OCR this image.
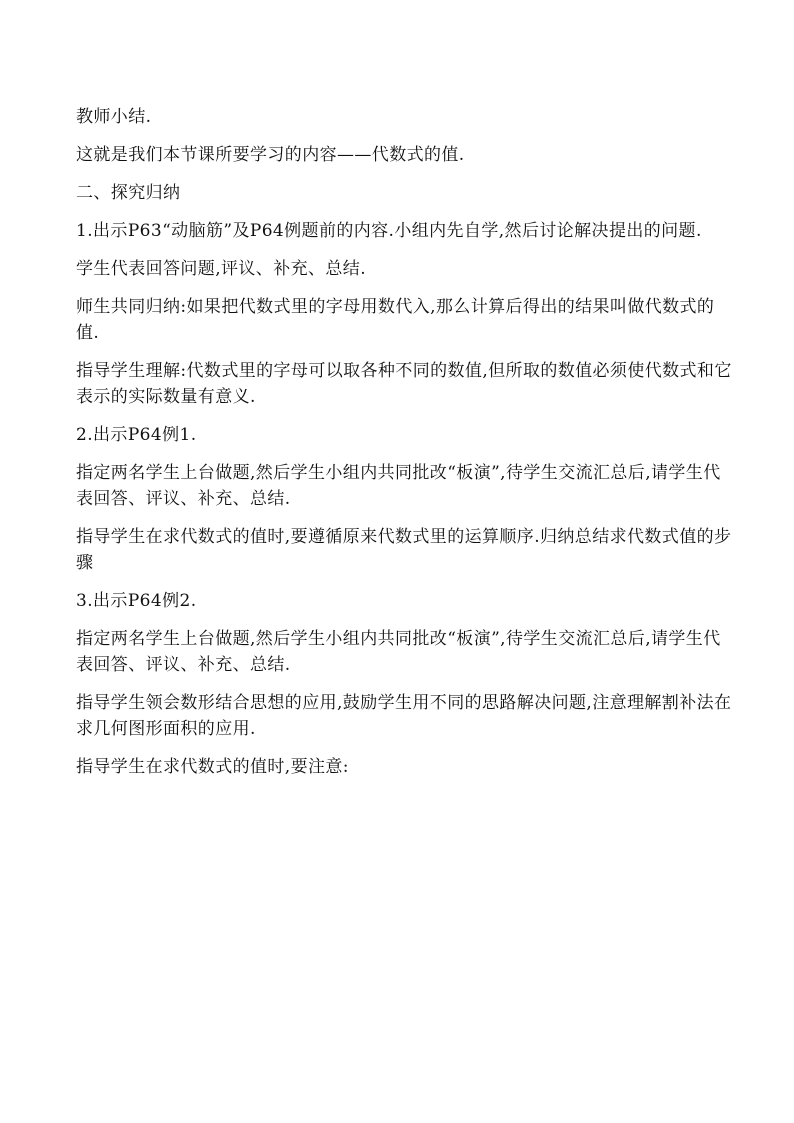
教师小结.

这就是我们本节课所要学习的内容——代数式的值.

二、探究归纳

1.出示P63“动脑筋”及P64例题前的内容.小组内先自学,然后讨论解决提出的问题.

学生代表回答问题,评议、补充、总结.

师生共同归纳:如果把代数式里的字母用数代入,那么计算后得出的结果叫做代数式的值.

指导学生理解:代数式里的字母可以取各种不同的数值,但所取的数值必须使代数式和它表示的实际数量有意义.

2.出示P64例1.

指定两名学生上台做题,然后学生小组内共同批改“板演”,待学生交流汇总后,请学生代表回答、评议、补充、总结.

指导学生在求代数式的值时,要遵循原来代数式里的运算顺序.归纳总结求代数式值的步骤

3.出示P64例2.

指定两名学生上台做题,然后学生小组内共同批改“板演”,待学生交流汇总后,请学生代表回答、评议、补充、总结.

指导学生领会数形结合思想的应用,鼓励学生用不同的思路解决问题,注意理解割补法在求几何图形面积的应用.

指导学生在求代数式的值时,要注意:
